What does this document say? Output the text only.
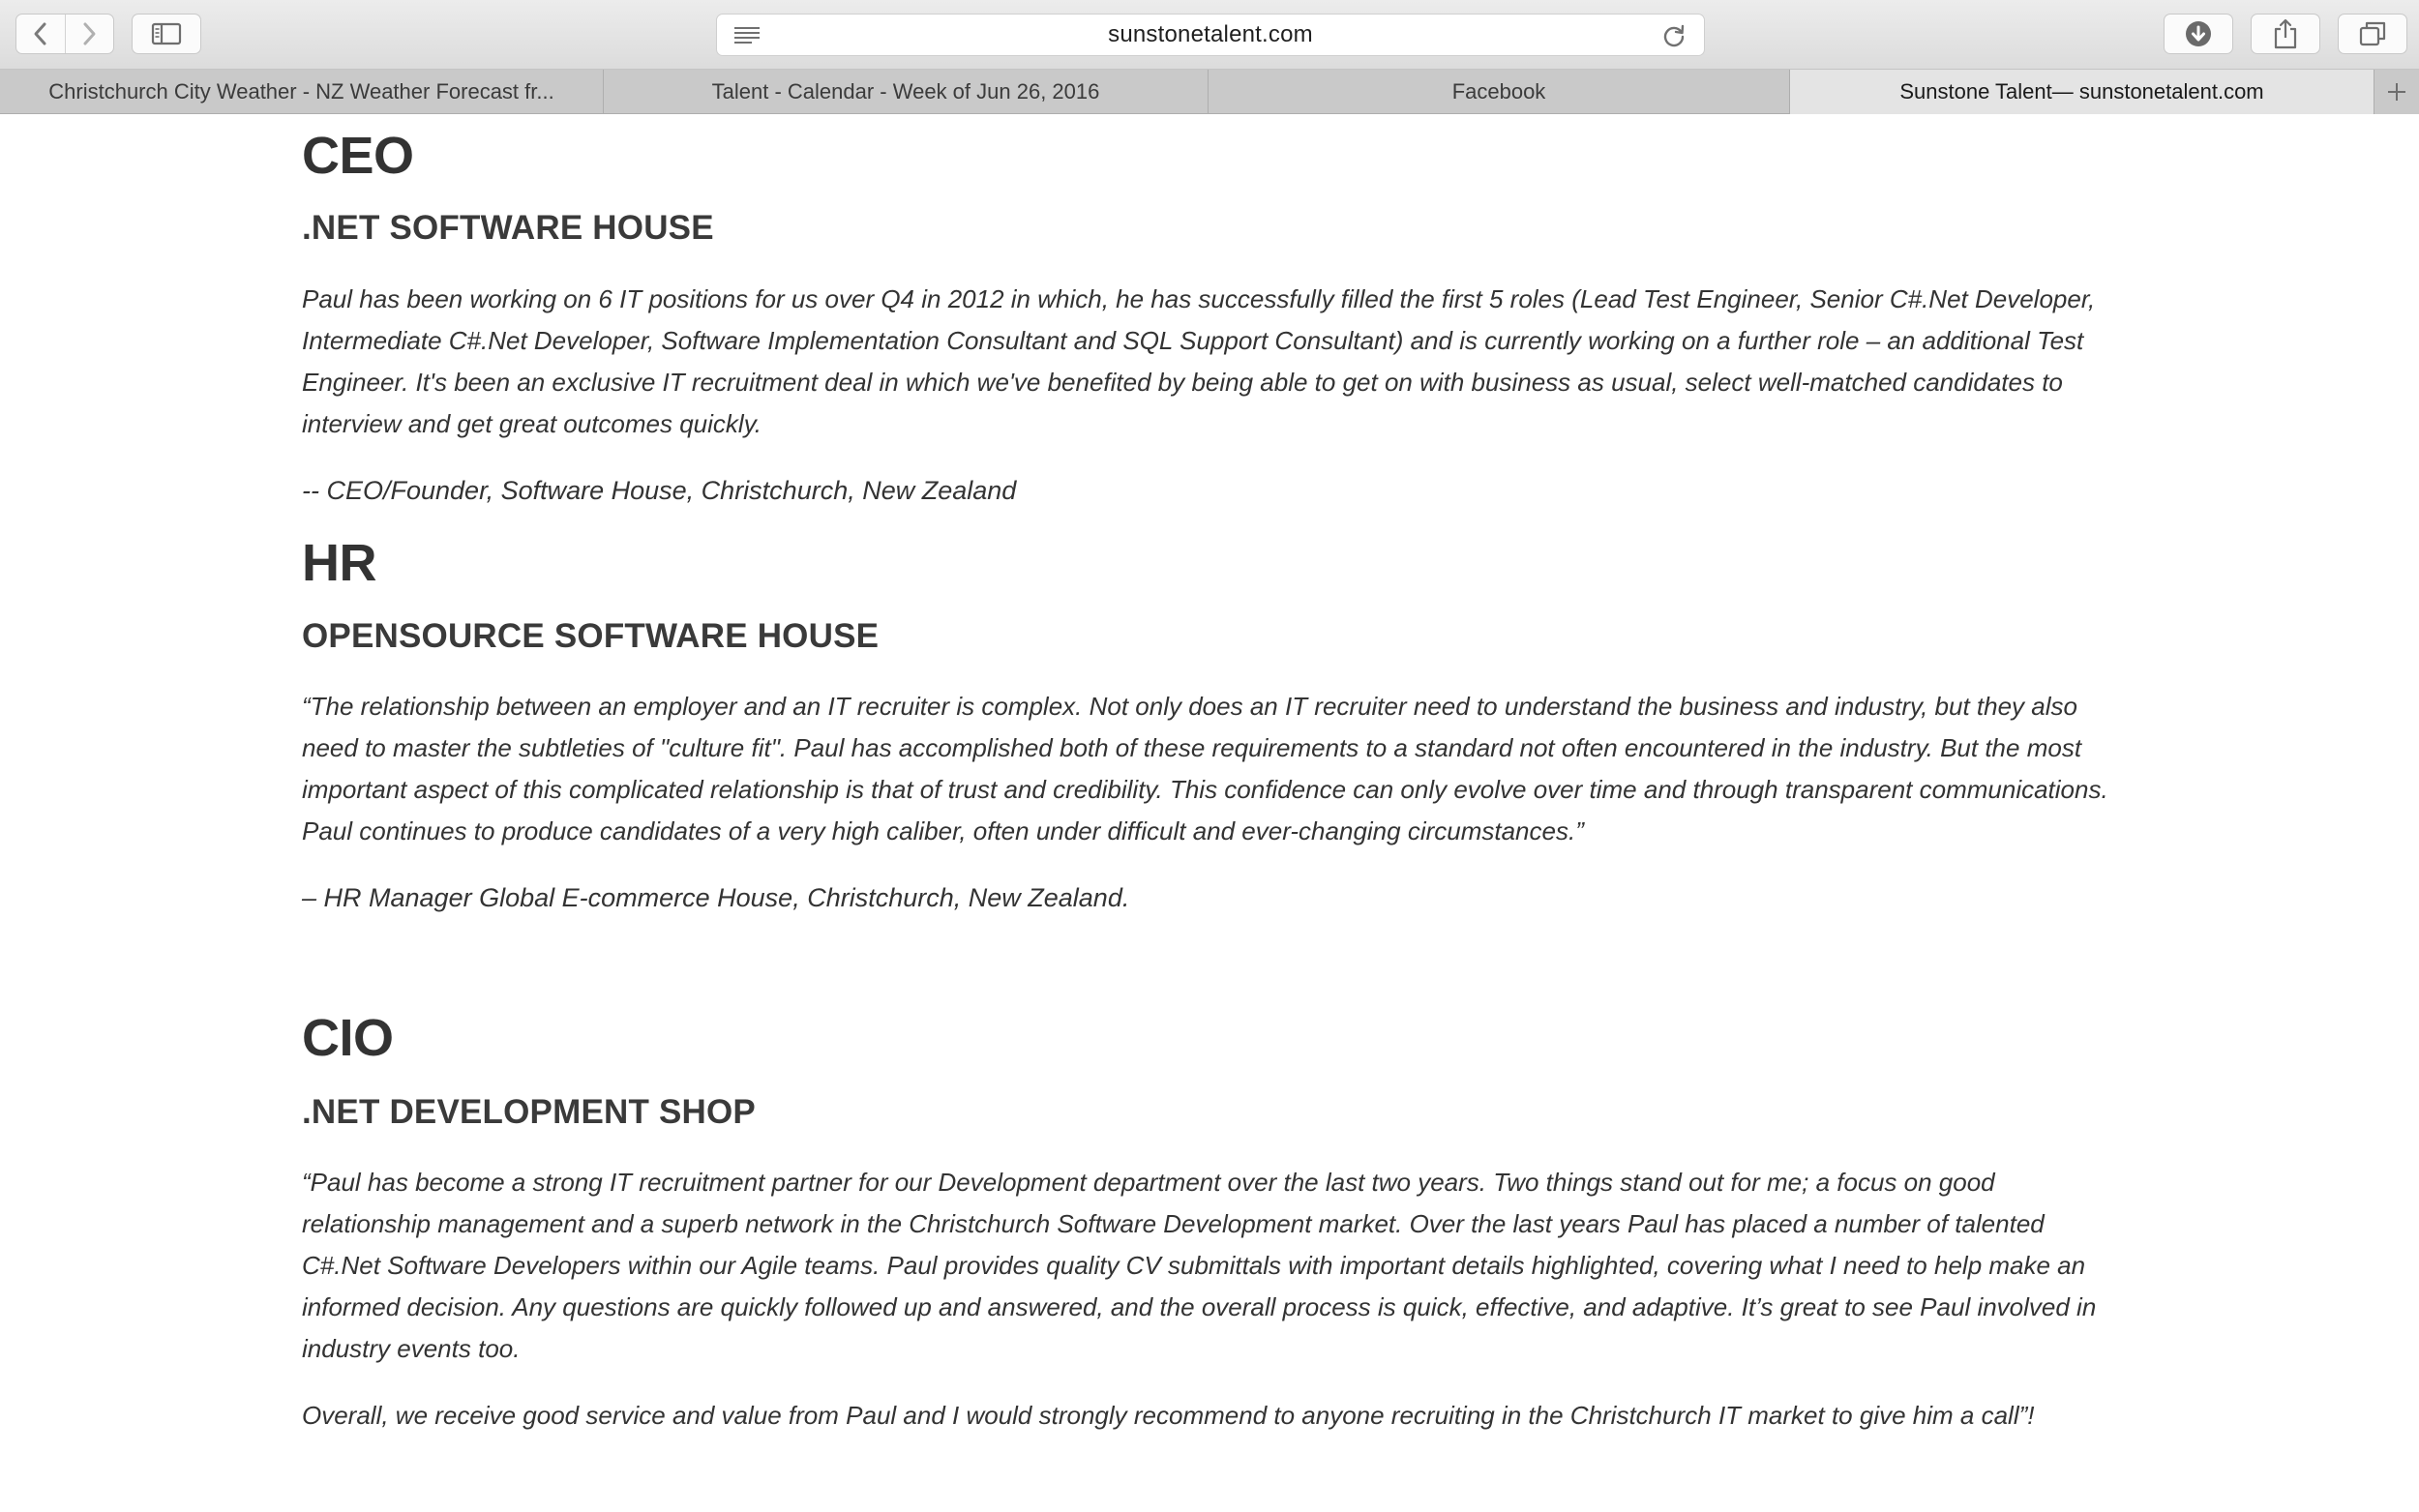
sunstonetalent.com
Christchurch City Weather - NZ Weather Forecast fr...	Talent - Calendar - Week of Jun 26, 2016	Facebook	Sunstone Talent— sunstonetalent.com
CEO
.NET SOFTWARE HOUSE

Paul has been working on 6 IT positions for us over Q4 in 2012 in which, he has successfully filled the first 5 roles (Lead Test Engineer, Senior C#.Net Developer, Intermediate C#.Net Developer, Software Implementation Consultant and SQL Support Consultant) and is currently working on a further role – an additional Test Engineer. It's been an exclusive IT recruitment deal in which we've benefited by being able to get on with business as usual, select well-matched candidates to interview and get great outcomes quickly.

-- CEO/Founder, Software House, Christchurch, New Zealand

HR
OPENSOURCE SOFTWARE HOUSE

“The relationship between an employer and an IT recruiter is complex. Not only does an IT recruiter need to understand the business and industry, but they also need to master the subtleties of "culture fit". Paul has accomplished both of these requirements to a standard not often encountered in the industry. But the most important aspect of this complicated relationship is that of trust and credibility. This confidence can only evolve over time and through transparent communications. Paul continues to produce candidates of a very high caliber, often under difficult and ever-changing circumstances.”

– HR Manager Global E-commerce House, Christchurch, New Zealand.

CIO
.NET DEVELOPMENT SHOP

“Paul has become a strong IT recruitment partner for our Development department over the last two years. Two things stand out for me; a focus on good relationship management and a superb network in the Christchurch Software Development market. Over the last years Paul has placed a number of talented C#.Net Software Developers within our Agile teams. Paul provides quality CV submittals with important details highlighted, covering what I need to help make an informed decision. Any questions are quickly followed up and answered, and the overall process is quick, effective, and adaptive. It’s great to see Paul involved in industry events too.

Overall, we receive good service and value from Paul and I would strongly recommend to anyone recruiting in the Christchurch IT market to give him a call”!
